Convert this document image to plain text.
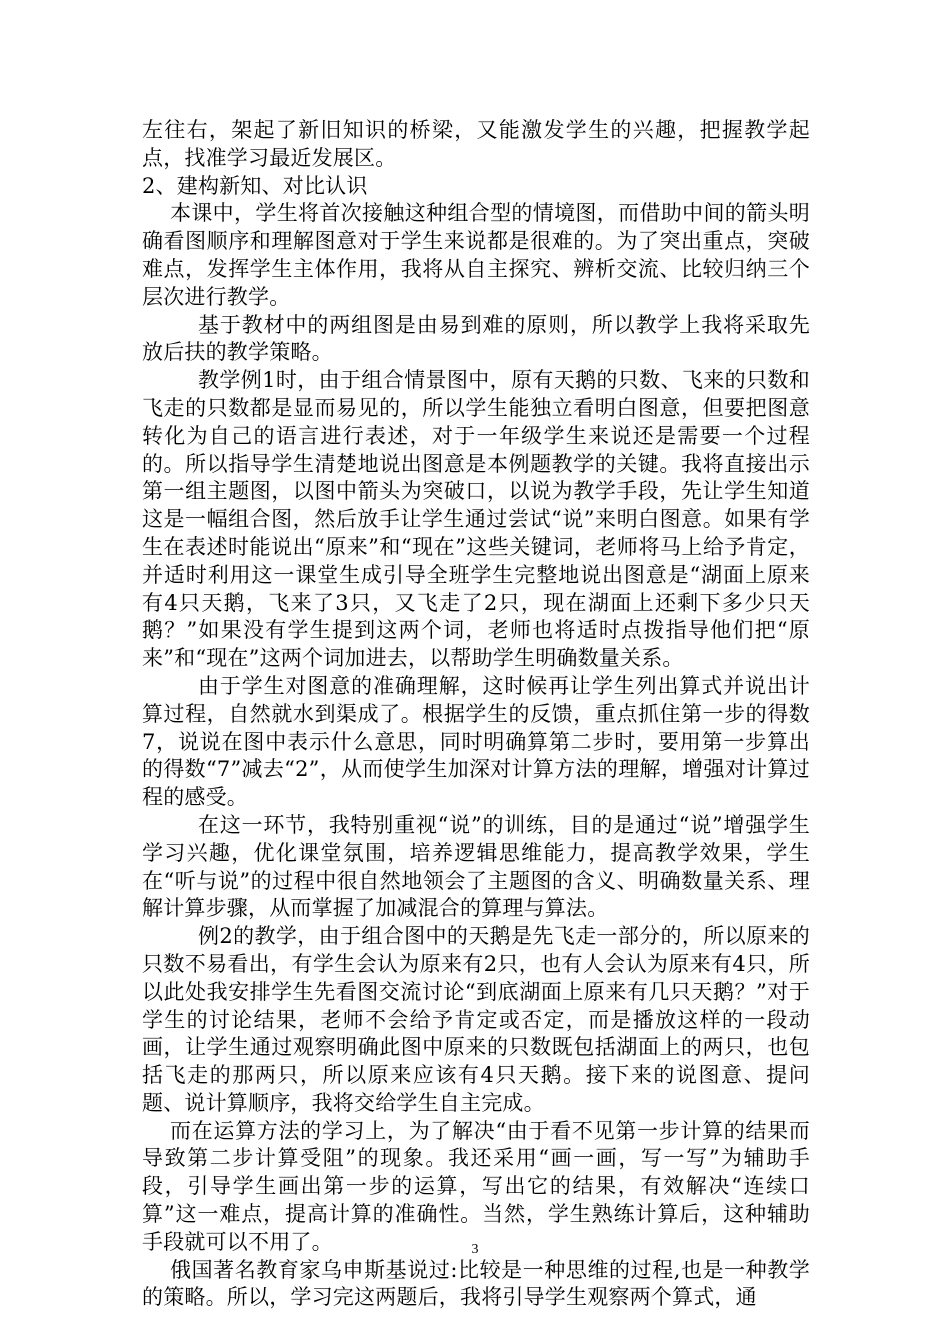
左往右，架起了新旧知识的桥梁，又能激发学生的兴趣，把握教学起点，找准学习最近发展区。

2、建构新知、对比认识

本课中，学生将首次接触这种组合型的情境图，而借助中间的箭头明确看图顺序和理解图意对于学生来说都是很难的。为了突出重点，突破难点，发挥学生主体作用，我将从自主探究、辨析交流、比较归纳三个层次进行教学。

基于教材中的两组图是由易到难的原则，所以教学上我将采取先放后扶的教学策略。

教学例1时，由于组合情景图中，原有天鹅的只数、飞来的只数和飞走的只数都是显而易见的，所以学生能独立看明白图意，但要把图意转化为自己的语言进行表述，对于一年级学生来说还是需要一个过程的。所以指导学生清楚地说出图意是本例题教学的关键。我将直接出示第一组主题图，以图中箭头为突破口，以说为教学手段，先让学生知道这是一幅组合图，然后放手让学生通过尝试“说”来明白图意。如果有学生在表述时能说出“原来”和“现在”这些关键词，老师将马上给予肯定，并适时利用这一课堂生成引导全班学生完整地说出图意是“湖面上原来有4只天鹅，飞来了3只，又飞走了2只，现在湖面上还剩下多少只天鹅？”如果没有学生提到这两个词，老师也将适时点拨指导他们把“原来”和“现在”这两个词加进去，以帮助学生明确数量关系。

由于学生对图意的准确理解，这时候再让学生列出算式并说出计算过程，自然就水到渠成了。根据学生的反馈，重点抓住第一步的得数7，说说在图中表示什么意思，同时明确算第二步时，要用第一步算出的得数“7”减去“2”，从而使学生加深对计算方法的理解，增强对计算过程的感受。

在这一环节，我特别重视“说”的训练，目的是通过“说”增强学生学习兴趣，优化课堂氛围，培养逻辑思维能力，提高教学效果，学生在“听与说”的过程中很自然地领会了主题图的含义、明确数量关系、理解计算步骤，从而掌握了加减混合的算理与算法。

例2的教学，由于组合图中的天鹅是先飞走一部分的，所以原来的只数不易看出，有学生会认为原来有2只，也有人会认为原来有4只，所以此处我安排学生先看图交流讨论“到底湖面上原来有几只天鹅？”对于学生的讨论结果，老师不会给予肯定或否定，而是播放这样的一段动画，让学生通过观察明确此图中原来的只数既包括湖面上的两只，也包括飞走的那两只，所以原来应该有4只天鹅。接下来的说图意、提问题、说计算顺序，我将交给学生自主完成。

而在运算方法的学习上，为了解决“由于看不见第一步计算的结果而导致第二步计算受阻”的现象。我还采用“画一画，写一写”为辅助手段，引导学生画出第一步的运算，写出它的结果，有效解决“连续口算”这一难点，提高计算的准确性。当然，学生熟练计算后，这种辅助手段就可以不用了。

俄国著名教育家乌申斯基说过:比较是一种思维的过程,也是一种教学的策略。所以，学习完这两题后，我将引导学生观察两个算式，通

3
